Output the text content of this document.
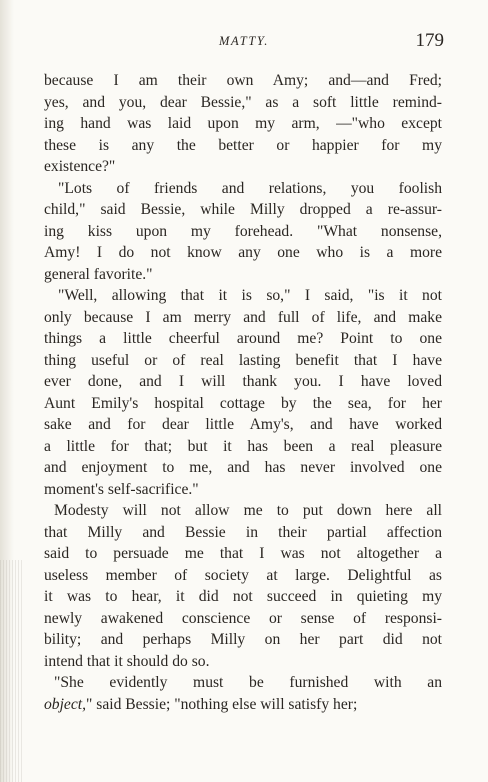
MATTY.	179
because I am their own Amy; and—and Fred;
yes, and you, dear Bessie," as a soft little remind-
ing hand was laid upon my arm, —"who except
these is any the better or happier for my
existence?"
"Lots of friends and relations, you foolish
child," said Bessie, while Milly dropped a re-assur-
ing kiss upon my forehead. "What nonsense,
Amy! I do not know any one who is a more
general favorite."
"Well, allowing that it is so," I said, "is it not
only because I am merry and full of life, and make
things a little cheerful around me? Point to one
thing useful or of real lasting benefit that I have
ever done, and I will thank you. I have loved
Aunt Emily's hospital cottage by the sea, for her
sake and for dear little Amy's, and have worked
a little for that; but it has been a real pleasure
and enjoyment to me, and has never involved one
moment's self-sacrifice."
Modesty will not allow me to put down here all
that Milly and Bessie in their partial affection
said to persuade me that I was not altogether a
useless member of society at large. Delightful as
it was to hear, it did not succeed in quieting my
newly awakened conscience or sense of responsi-
bility; and perhaps Milly on her part did not
intend that it should do so.
"She evidently must be furnished with an
object," said Bessie; "nothing else will satisfy her;
